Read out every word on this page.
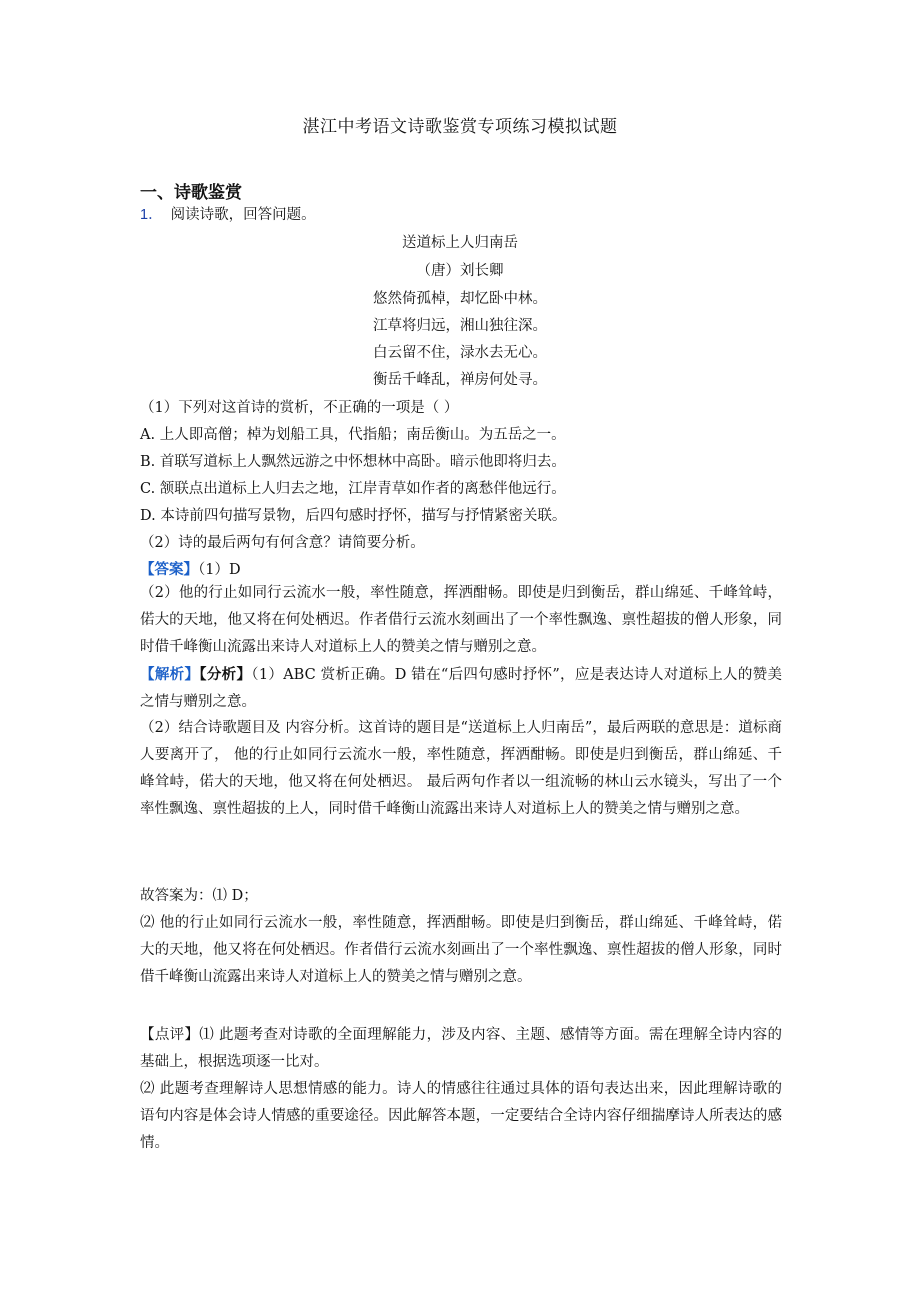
湛江中考语文诗歌鉴赏专项练习模拟试题
一、诗歌鉴赏
1． 阅读诗歌，回答问题。
送道标上人归南岳
（唐）刘长卿
悠然倚孤棹，却忆卧中林。
江草将归远，湘山独往深。
白云留不住，渌水去无心。
衡岳千峰乱，禅房何处寻。
（1）下列对这首诗的赏析，不正确的一项是（ ）
A. 上人即高僧；棹为划船工具，代指船；南岳衡山。为五岳之一。
B. 首联写道标上人飘然远游之中怀想林中高卧。暗示他即将归去。
C. 颔联点出道标上人归去之地，江岸青草如作者的离愁伴他远行。
D. 本诗前四句描写景物，后四句感时抒怀，描写与抒情紧密关联。
（2）诗的最后两句有何含意？请简要分析。
【答案】（1）D
（2）他的行止如同行云流水一般，率性随意，挥洒酣畅。即使是归到衡岳，群山绵延、千峰耸峙，偌大的天地，他又将在何处栖迟。作者借行云流水刻画出了一个率性飘逸、禀性超拔的僧人形象，同时借千峰衡山流露出来诗人对道标上人的赞美之情与赠别之意。
【解析】【分析】（1）ABC 赏析正确。D 错在“后四句感时抒怀”，应是表达诗人对道标上人的赞美之情与赠别之意。
（2）结合诗歌题目及 内容分析。这首诗的题目是“送道标上人归南岳”，最后两联的意思是：道标商人要离开了， 他的行止如同行云流水一般，率性随意，挥洒酣畅。即使是归到衡岳，群山绵延、千峰耸峙，偌大的天地，他又将在何处栖迟。 最后两句作者以一组流畅的林山云水镜头，写出了一个率性飘逸、禀性超拔的上人，同时借千峰衡山流露出来诗人对道标上人的赞美之情与赠别之意。
故答案为：⑴ D；
⑵ 他的行止如同行云流水一般，率性随意，挥洒酣畅。即使是归到衡岳，群山绵延、千峰耸峙，偌大的天地，他又将在何处栖迟。作者借行云流水刻画出了一个率性飘逸、禀性超拔的僧人形象，同时借千峰衡山流露出来诗人对道标上人的赞美之情与赠别之意。
【点评】⑴ 此题考查对诗歌的全面理解能力，涉及内容、主题、感情等方面。需在理解全诗内容的基础上，根据选项逐一比对。
⑵ 此题考查理解诗人思想情感的能力。诗人的情感往往通过具体的语句表达出来，因此理解诗歌的语句内容是体会诗人情感的重要途径。因此解答本题，一定要结合全诗内容仔细揣摩诗人所表达的感情。
